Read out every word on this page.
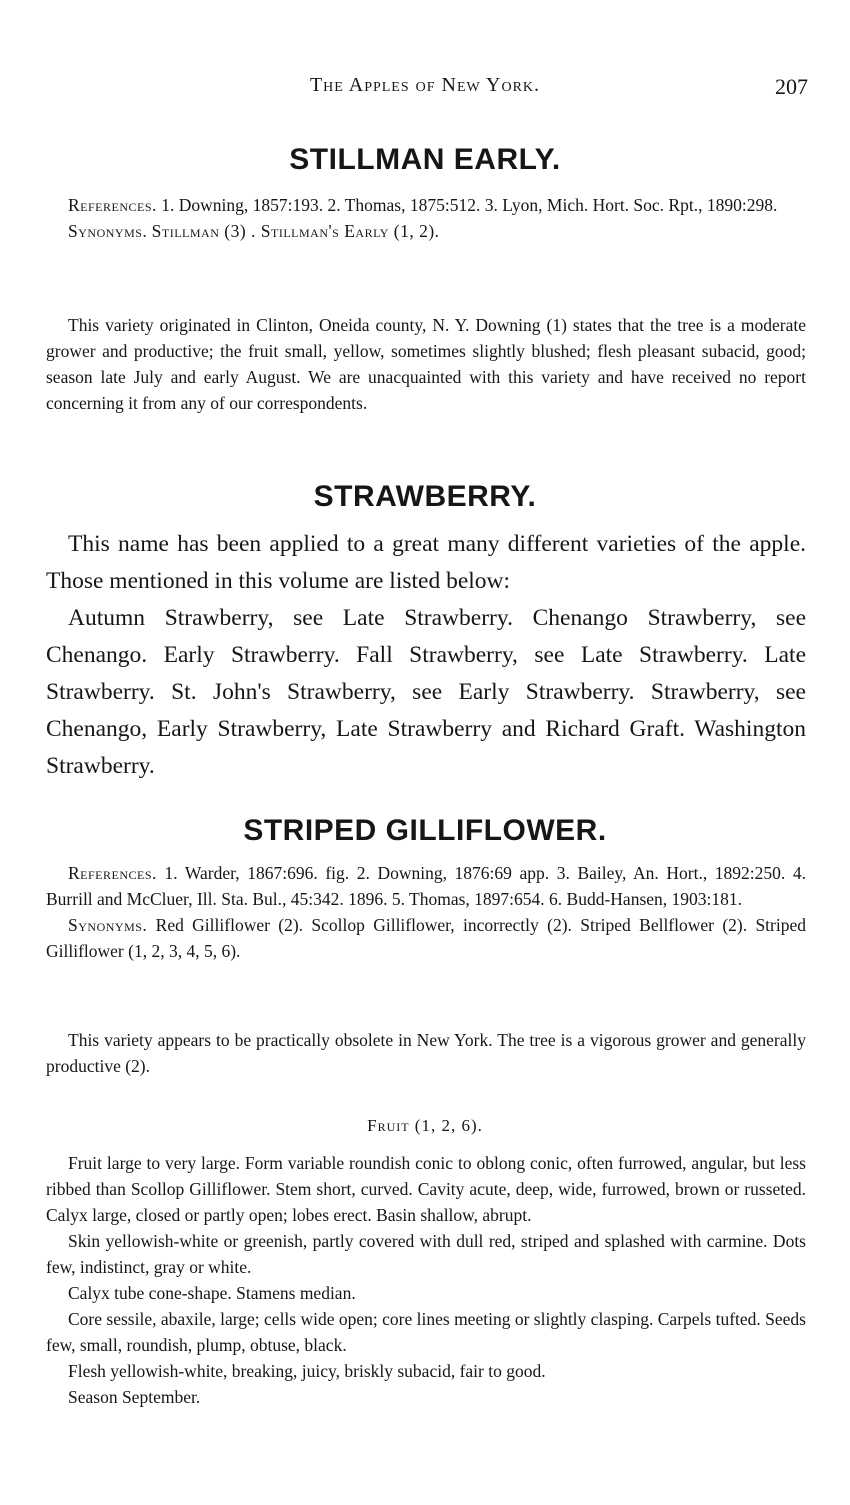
The Apples of New York.	207
STILLMAN EARLY.

References. 1. Downing, 1857:193. 2. Thomas, 1875:512. 3. Lyon, Mich. Hort. Soc. Rpt., 1890:298.

Synonyms. Stillman (3) . Stillman's Early (1, 2).

This variety originated in Clinton, Oneida county, N. Y. Downing (1) states that the tree is a moderate grower and productive; the fruit small, yellow, sometimes slightly blushed; flesh pleasant subacid, good; season late July and early August. We are unacquainted with this variety and have received no report concerning it from any of our correspondents.
STRAWBERRY.
This name has been applied to a great many different varieties of the apple. Those mentioned in this volume are listed below:
Autumn Strawberry, see Late Strawberry. Chenango Strawberry, see Chenango. Early Strawberry. Fall Strawberry, see Late Strawberry. Late Strawberry. St. John's Strawberry, see Early Strawberry. Strawberry, see Chenango, Early Strawberry, Late Strawberry and Richard Graft. Washington Strawberry.
STRIPED GILLIFLOWER.

References. 1. Warder, 1867:696. fig. 2. Downing, 1876:69 app. 3. Bailey, An. Hort., 1892:250. 4. Burrill and McCluer, Ill. Sta. Bul., 45:342. 1896. 5. Thomas, 1897:654. 6. Budd-Hansen, 1903:181.

Synonyms. Red Gilliflower (2). Scollop Gilliflower, incorrectly (2). Striped Bellflower (2). Striped Gilliflower (1, 2, 3, 4, 5, 6).

This variety appears to be practically obsolete in New York. The tree is a vigorous grower and generally productive (2).
Fruit (1, 2, 6).

Fruit large to very large. Form variable roundish conic to oblong conic, often furrowed, angular, but less ribbed than Scollop Gilliflower. Stem short, curved. Cavity acute, deep, wide, furrowed, brown or russeted. Calyx large, closed or partly open; lobes erect. Basin shallow, abrupt.

Skin yellowish-white or greenish, partly covered with dull red, striped and splashed with carmine. Dots few, indistinct, gray or white.

Calyx tube cone-shape. Stamens median.

Core sessile, abaxile, large; cells wide open; core lines meeting or slightly clasping. Carpels tufted. Seeds few, small, roundish, plump, obtuse, black.

Flesh yellowish-white, breaking, juicy, briskly subacid, fair to good.

Season September.
